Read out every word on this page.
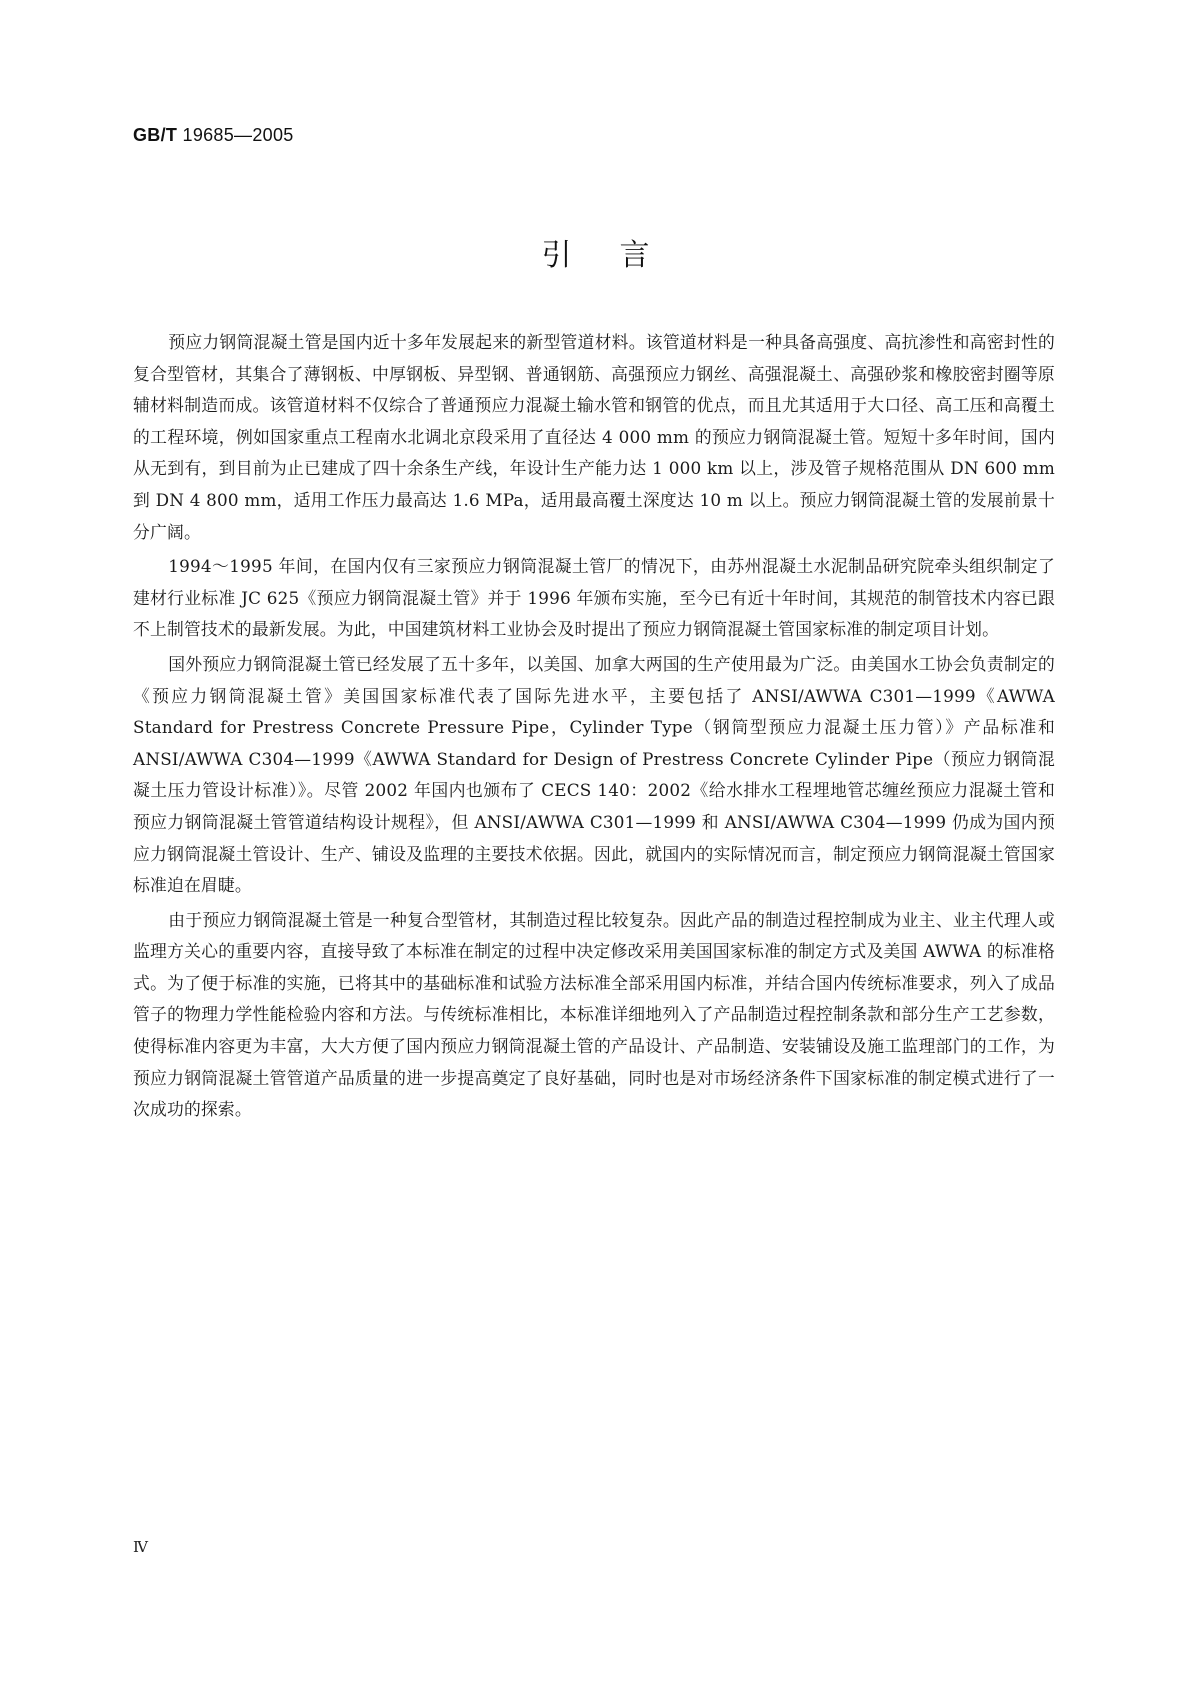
GB/T 19685—2005
引言

预应力钢筒混凝土管是国内近十多年发展起来的新型管道材料。该管道材料是一种具备高强度、高抗渗性和高密封性的复合型管材，其集合了薄钢板、中厚钢板、异型钢、普通钢筋、高强预应力钢丝、高强混凝土、高强砂浆和橡胶密封圈等原辅材料制造而成。该管道材料不仅综合了普通预应力混凝土输水管和钢管的优点，而且尤其适用于大口径、高工压和高覆土的工程环境，例如国家重点工程南水北调北京段采用了直径达 4 000 mm 的预应力钢筒混凝土管。短短十多年时间，国内从无到有，到目前为止已建成了四十余条生产线，年设计生产能力达 1 000 km 以上，涉及管子规格范围从 DN 600 mm 到 DN 4 800 mm，适用工作压力最高达 1.6 MPa，适用最高覆土深度达 10 m 以上。预应力钢筒混凝土管的发展前景十分广阔。

1994～1995 年间，在国内仅有三家预应力钢筒混凝土管厂的情况下，由苏州混凝土水泥制品研究院牵头组织制定了建材行业标准 JC 625《预应力钢筒混凝土管》并于 1996 年颁布实施，至今已有近十年时间，其规范的制管技术内容已跟不上制管技术的最新发展。为此，中国建筑材料工业协会及时提出了预应力钢筒混凝土管国家标准的制定项目计划。

国外预应力钢筒混凝土管已经发展了五十多年，以美国、加拿大两国的生产使用最为广泛。由美国水工协会负责制定的《预应力钢筒混凝土管》美国国家标准代表了国际先进水平，主要包括了 ANSI/AWWA C301—1999《AWWA Standard for Prestress Concrete Pressure Pipe，Cylinder Type（钢筒型预应力混凝土压力管）》产品标准和 ANSI/AWWA C304—1999《AWWA Standard for Design of Prestress Concrete Cylinder Pipe（预应力钢筒混凝土压力管设计标准）》。尽管 2002 年国内也颁布了 CECS 140：2002《给水排水工程埋地管芯缠丝预应力混凝土管和预应力钢筒混凝土管管道结构设计规程》，但 ANSI/AWWA C301—1999 和 ANSI/AWWA C304—1999 仍成为国内预应力钢筒混凝土管设计、生产、铺设及监理的主要技术依据。因此，就国内的实际情况而言，制定预应力钢筒混凝土管国家标准迫在眉睫。

由于预应力钢筒混凝土管是一种复合型管材，其制造过程比较复杂。因此产品的制造过程控制成为业主、业主代理人或监理方关心的重要内容，直接导致了本标准在制定的过程中决定修改采用美国国家标准的制定方式及美国 AWWA 的标准格式。为了便于标准的实施，已将其中的基础标准和试验方法标准全部采用国内标准，并结合国内传统标准要求，列入了成品管子的物理力学性能检验内容和方法。与传统标准相比，本标准详细地列入了产品制造过程控制条款和部分生产工艺参数，使得标准内容更为丰富，大大方便了国内预应力钢筒混凝土管的产品设计、产品制造、安装铺设及施工监理部门的工作，为预应力钢筒混凝土管管道产品质量的进一步提高奠定了良好基础，同时也是对市场经济条件下国家标准的制定模式进行了一次成功的探索。

Ⅳ
